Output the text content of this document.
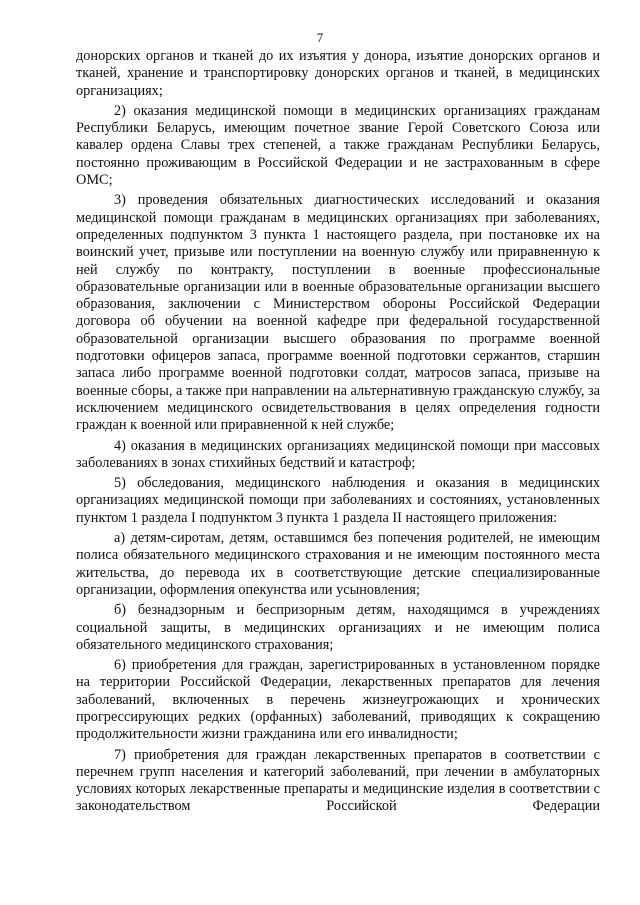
7

донорских органов и тканей до их изъятия у донора, изъятие донорских органов и тканей, хранение и транспортировку донорских органов и тканей, в медицинских организациях;

2) оказания медицинской помощи в медицинских организациях гражданам Республики Беларусь, имеющим почетное звание Герой Советского Союза или кавалер ордена Славы трех степеней, а также гражданам Республики Беларусь, постоянно проживающим в Российской Федерации и не застрахованным в сфере ОМС;

3) проведения обязательных диагностических исследований и оказания медицинской помощи гражданам в медицинских организациях при заболеваниях, определенных подпунктом 3 пункта 1 настоящего раздела, при постановке их на воинский учет, призыве или поступлении на военную службу или приравненную к ней службу по контракту, поступлении в военные профессиональные образовательные организации или в военные образовательные организации высшего образования, заключении с Министерством обороны Российской Федерации договора об обучении на военной кафедре при федеральной государственной образовательной организации высшего образования по программе военной подготовки офицеров запаса, программе военной подготовки сержантов, старшин запаса либо программе военной подготовки солдат, матросов запаса, призыве на военные сборы, а также при направлении на альтернативную гражданскую службу, за исключением медицинского освидетельствования в целях определения годности граждан к военной или приравненной к ней службе;

4) оказания в медицинских организациях медицинской помощи при массовых заболеваниях в зонах стихийных бедствий и катастроф;

5) обследования, медицинского наблюдения и оказания в медицинских организациях медицинской помощи при заболеваниях и состояниях, установленных пунктом 1 раздела I подпунктом 3 пункта 1 раздела II настоящего приложения:

а) детям-сиротам, детям, оставшимся без попечения родителей, не имеющим полиса обязательного медицинского страхования и не имеющим постоянного места жительства, до перевода их в соответствующие детские специализированные организации, оформления опекунства или усыновления;

б) безнадзорным и беспризорным детям, находящимся в учреждениях социальной защиты, в медицинских организациях и не имеющим полиса обязательного медицинского страхования;

6) приобретения для граждан, зарегистрированных в установленном порядке на территории Российской Федерации, лекарственных препаратов для лечения заболеваний, включенных в перечень жизнеугрожающих и хронических прогрессирующих редких (орфанных) заболеваний, приводящих к сокращению продолжительности жизни гражданина или его инвалидности;

7) приобретения для граждан лекарственных препаратов в соответствии с перечнем групп населения и категорий заболеваний, при лечении в амбулаторных условиях которых лекарственные препараты и медицинские изделия в соответствии с законодательством Российской Федерации
